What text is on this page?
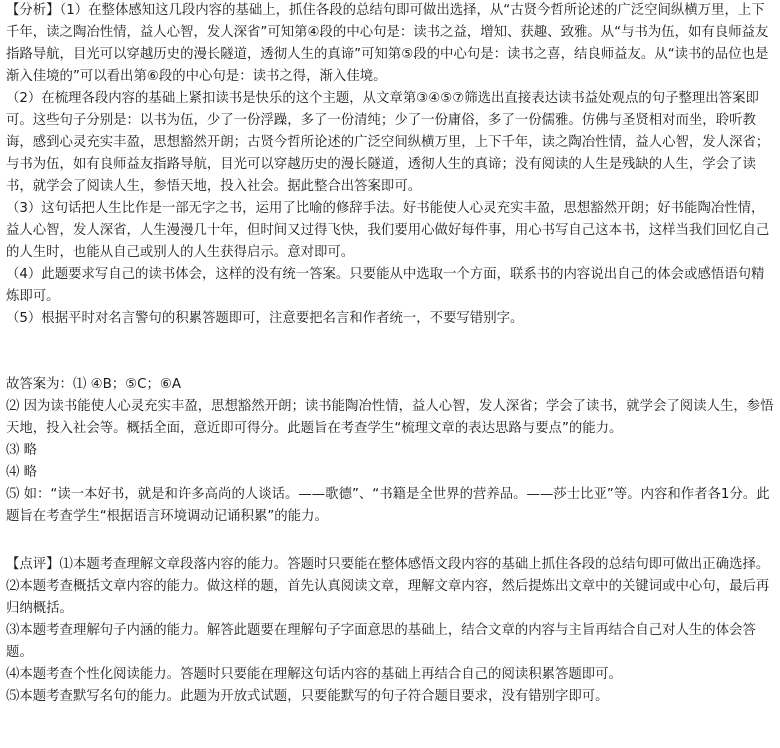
【分析】（1）在整体感知这几段内容的基础上，抓住各段的总结句即可做出选择，从“古贤今哲所论述的广泛空间纵横万里，上下千年，读之陶冶性情，益人心智，发人深省”可知第④段的中心句是：读书之益，增知、获趣、致雅。从“与书为伍，如有良师益友指路导航，目光可以穿越历史的漫长隧道，透彻人生的真谛”可知第⑤段的中心句是：读书之喜，结良师益友。从“读书的品位也是渐入佳境的”可以看出第⑥段的中心句是：读书之得，渐入佳境。

（2）在梳理各段内容的基础上紧扣读书是快乐的这个主题，从文章第③④⑤⑦筛选出直接表达读书益处观点的句子整理出答案即可。这些句子分别是：以书为伍，少了一份浮躁，多了一份清纯；少了一份庸俗，多了一份儒雅。仿佛与圣贤相对而坐，聆听教诲，感到心灵充实丰盈，思想豁然开朗；古贤今哲所论述的广泛空间纵横万里，上下千年，读之陶冶性情，益人心智，发人深省；与书为伍，如有良师益友指路导航，目光可以穿越历史的漫长隧道，透彻人生的真谛；没有阅读的人生是残缺的人生，学会了读书，就学会了阅读人生，参悟天地，投入社会。据此整合出答案即可。

（3）这句话把人生比作是一部无字之书，运用了比喻的修辞手法。好书能使人心灵充实丰盈，思想豁然开朗；好书能陶冶性情，益人心智，发人深省，人生漫漫几十年，但时间又过得飞快，我们要用心做好每件事，用心书写自己这本书，这样当我们回忆自己的人生时，也能从自己或别人的人生获得启示。意对即可。

（4）此题要求写自己的读书体会，这样的没有统一答案。只要能从中选取一个方面，联系书的内容说出自己的体会或感悟语句精炼即可。

（5）根据平时对名言警句的积累答题即可，注意要把名言和作者统一，不要写错别字。

故答案为：⑴ ④B；⑤C；⑥A

⑵ 因为读书能使人心灵充实丰盈，思想豁然开朗；读书能陶冶性情，益人心智，发人深省；学会了读书，就学会了阅读人生，参悟天地，投入社会等。概括全面，意近即可得分。此题旨在考查学生“梳理文章的表达思路与要点”的能力。

⑶ 略

⑷ 略

⑸ 如：“读一本好书，就是和许多高尚的人谈话。——歌德”、“书籍是全世界的营养品。——莎士比亚”等。内容和作者各1分。此题旨在考查学生“根据语言环境调动记诵积累”的能力。

【点评】⑴本题考查理解文章段落内容的能力。答题时只要能在整体感悟文段内容的基础上抓住各段的总结句即可做出正确选择。

⑵本题考查概括文章内容的能力。做这样的题，首先认真阅读文章，理解文章内容，然后提炼出文章中的关键词或中心句，最后再归纳概括。

⑶本题考查理解句子内涵的能力。解答此题要在理解句子字面意思的基础上，结合文章的内容与主旨再结合自己对人生的体会答题。

⑷本题考查个性化阅读能力。答题时只要能在理解这句话内容的基础上再结合自己的阅读积累答题即可。

⑸本题考查默写名句的能力。此题为开放式试题，只要能默写的句子符合题目要求，没有错别字即可。
